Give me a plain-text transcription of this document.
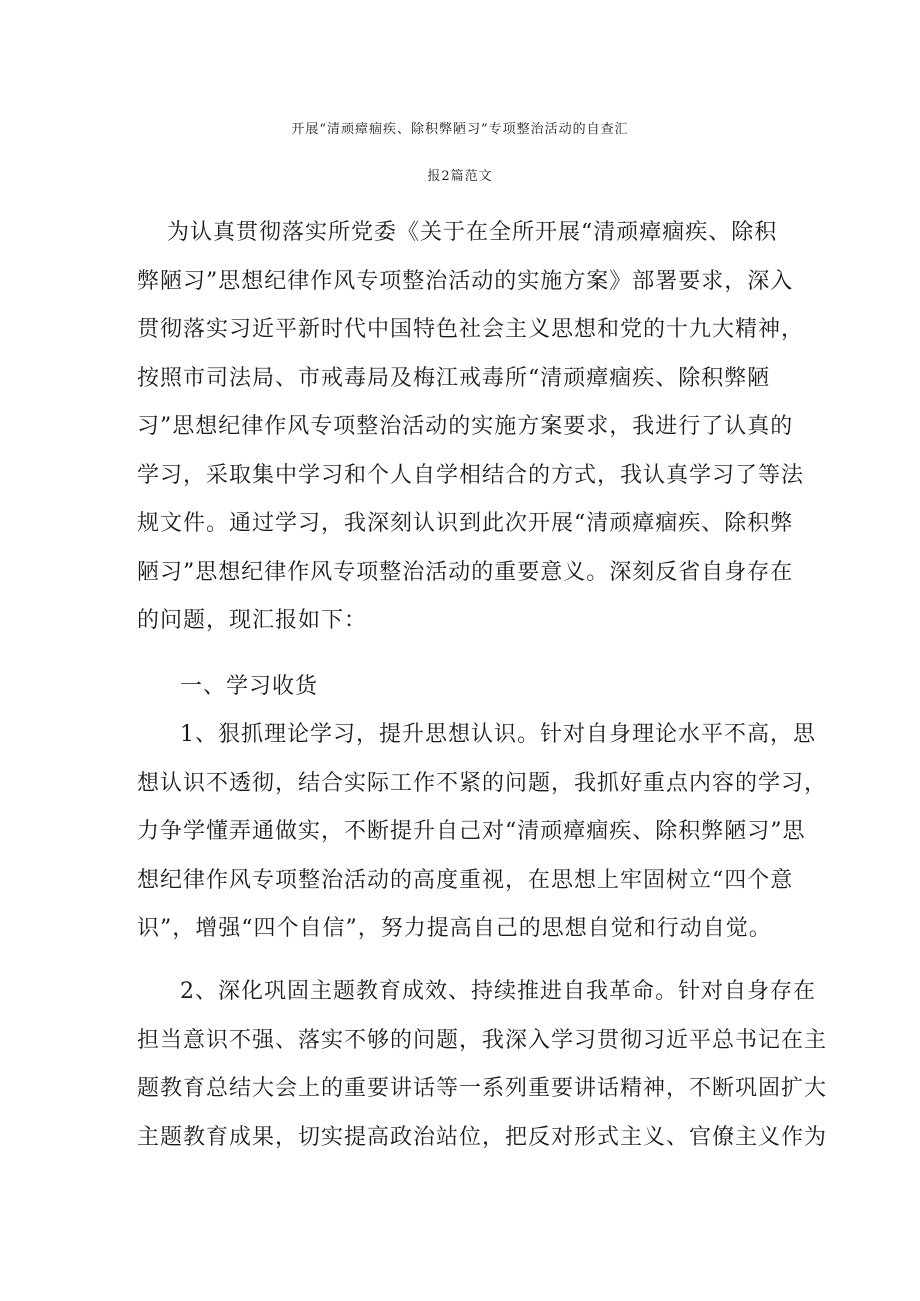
开展“清顽瘴痼疾、除积弊陋习”专项整治活动的自查汇
报2篇范文
为认真贯彻落实所党委《关于在全所开展“清顽瘴痼疾、除积
弊陋习”思想纪律作风专项整治活动的实施方案》部署要求，深入
贯彻落实习近平新时代中国特色社会主义思想和党的十九大精神，
按照市司法局、市戒毒局及梅江戒毒所“清顽瘴痼疾、除积弊陋
习”思想纪律作风专项整治活动的实施方案要求，我进行了认真的
学习，采取集中学习和个人自学相结合的方式，我认真学习了等法
规文件。通过学习，我深刻认识到此次开展“清顽瘴痼疾、除积弊
陋习”思想纪律作风专项整治活动的重要意义。深刻反省自身存在
的问题，现汇报如下：
一、学习收货
1、狠抓理论学习，提升思想认识。针对自身理论水平不高，思
想认识不透彻，结合实际工作不紧的问题，我抓好重点内容的学习，
力争学懂弄通做实，不断提升自己对“清顽瘴痼疾、除积弊陋习”思
想纪律作风专项整治活动的高度重视，在思想上牢固树立“四个意
识”，增强“四个自信”，努力提高自己的思想自觉和行动自觉。
2、深化巩固主题教育成效、持续推进自我革命。针对自身存在
担当意识不强、落实不够的问题，我深入学习贯彻习近平总书记在主
题教育总结大会上的重要讲话等一系列重要讲话精神，不断巩固扩大
主题教育成果，切实提高政治站位，把反对形式主义、官僚主义作为
